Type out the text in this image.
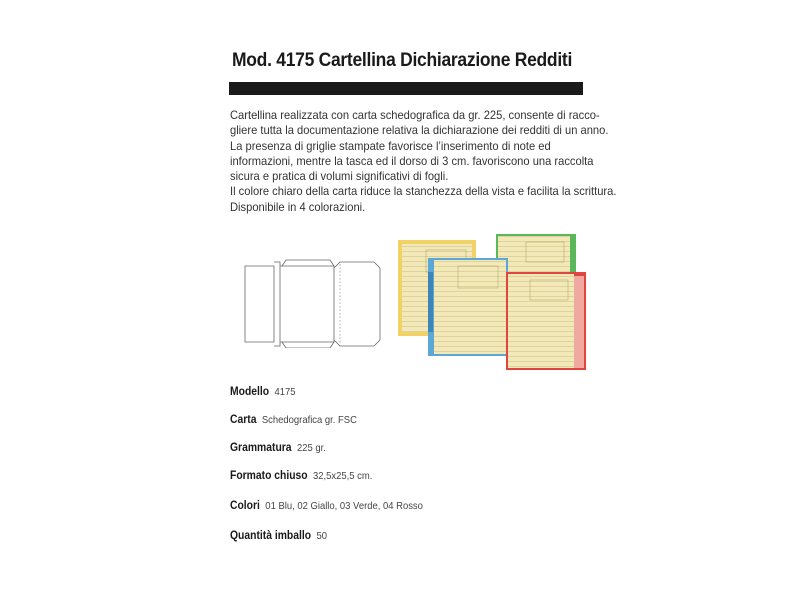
Mod. 4175 Cartellina Dichiarazione Redditi
Cartellina realizzata con carta schedografica da gr. 225, consente di racco-
gliere tutta la documentazione relativa la dichiarazione dei redditi di un anno.
La presenza di griglie stampate favorisce l’inserimento di note ed
informazioni, mentre la tasca ed il dorso di 3 cm. favoriscono una raccolta
sicura e pratica di volumi significativi di fogli.
Il colore chiaro della carta riduce la stanchezza della vista e facilita la scrittura.
Disponibile in 4 colorazioni.
Modello 4175
Carta Schedografica gr. FSC
Grammatura 225 gr.
Formato chiuso 32,5x25,5 cm.
Colori 01 Blu, 02 Giallo, 03 Verde, 04 Rosso
Quantità imballo 50
